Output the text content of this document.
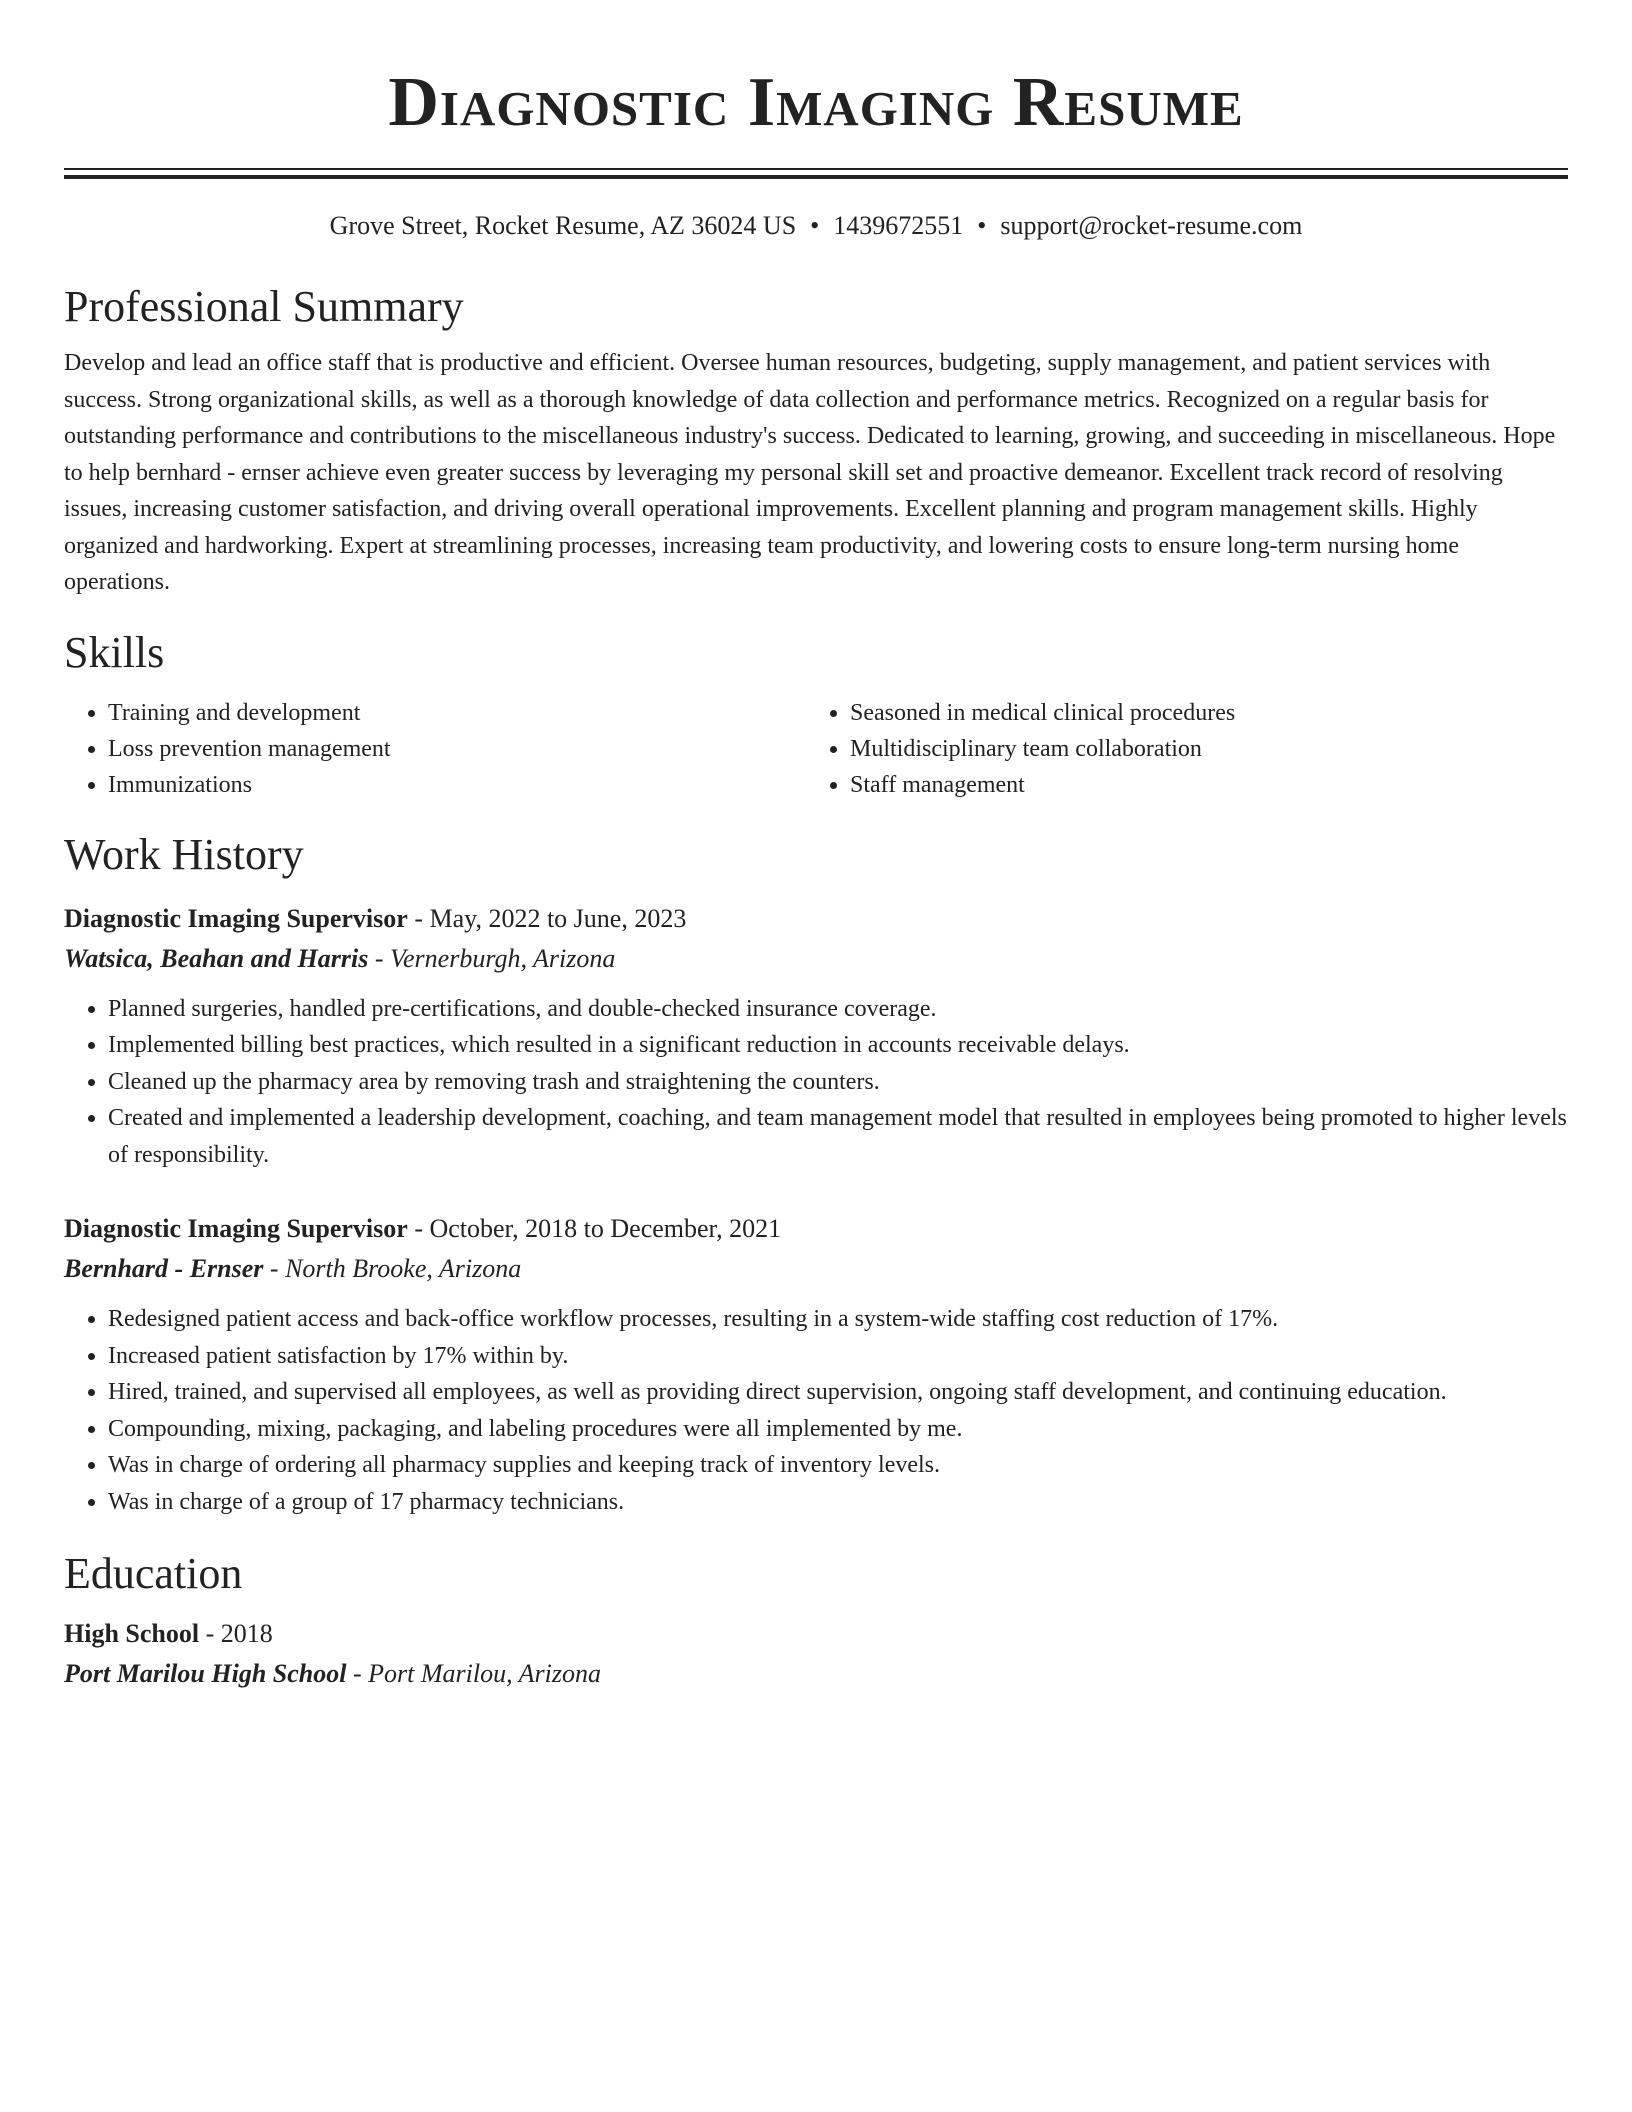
Diagnostic Imaging Resume
Grove Street, Rocket Resume, AZ 36024 US • 1439672551 • support@rocket-resume.com
Professional Summary

Develop and lead an office staff that is productive and efficient. Oversee human resources, budgeting, supply management, and patient services with success. Strong organizational skills, as well as a thorough knowledge of data collection and performance metrics. Recognized on a regular basis for outstanding performance and contributions to the miscellaneous industry's success. Dedicated to learning, growing, and succeeding in miscellaneous. Hope to help bernhard - ernser achieve even greater success by leveraging my personal skill set and proactive demeanor. Excellent track record of resolving issues, increasing customer satisfaction, and driving overall operational improvements. Excellent planning and program management skills. Highly organized and hardworking. Expert at streamlining processes, increasing team productivity, and lowering costs to ensure long-term nursing home operations.

Skills
• Training and development
• Loss prevention management
• Immunizations
• Seasoned in medical clinical procedures
• Multidisciplinary team collaboration
• Staff management
Work History
Diagnostic Imaging Supervisor - May, 2022 to June, 2023
Watsica, Beahan and Harris - Vernerburgh, Arizona
• Planned surgeries, handled pre-certifications, and double-checked insurance coverage.
• Implemented billing best practices, which resulted in a significant reduction in accounts receivable delays.
• Cleaned up the pharmacy area by removing trash and straightening the counters.
• Created and implemented a leadership development, coaching, and team management model that resulted in employees being promoted to higher levels of responsibility.
Diagnostic Imaging Supervisor - October, 2018 to December, 2021
Bernhard - Ernser - North Brooke, Arizona
• Redesigned patient access and back-office workflow processes, resulting in a system-wide staffing cost reduction of 17%.
• Increased patient satisfaction by 17% within by.
• Hired, trained, and supervised all employees, as well as providing direct supervision, ongoing staff development, and continuing education.
• Compounding, mixing, packaging, and labeling procedures were all implemented by me.
• Was in charge of ordering all pharmacy supplies and keeping track of inventory levels.
• Was in charge of a group of 17 pharmacy technicians.
Education
High School - 2018
Port Marilou High School - Port Marilou, Arizona
